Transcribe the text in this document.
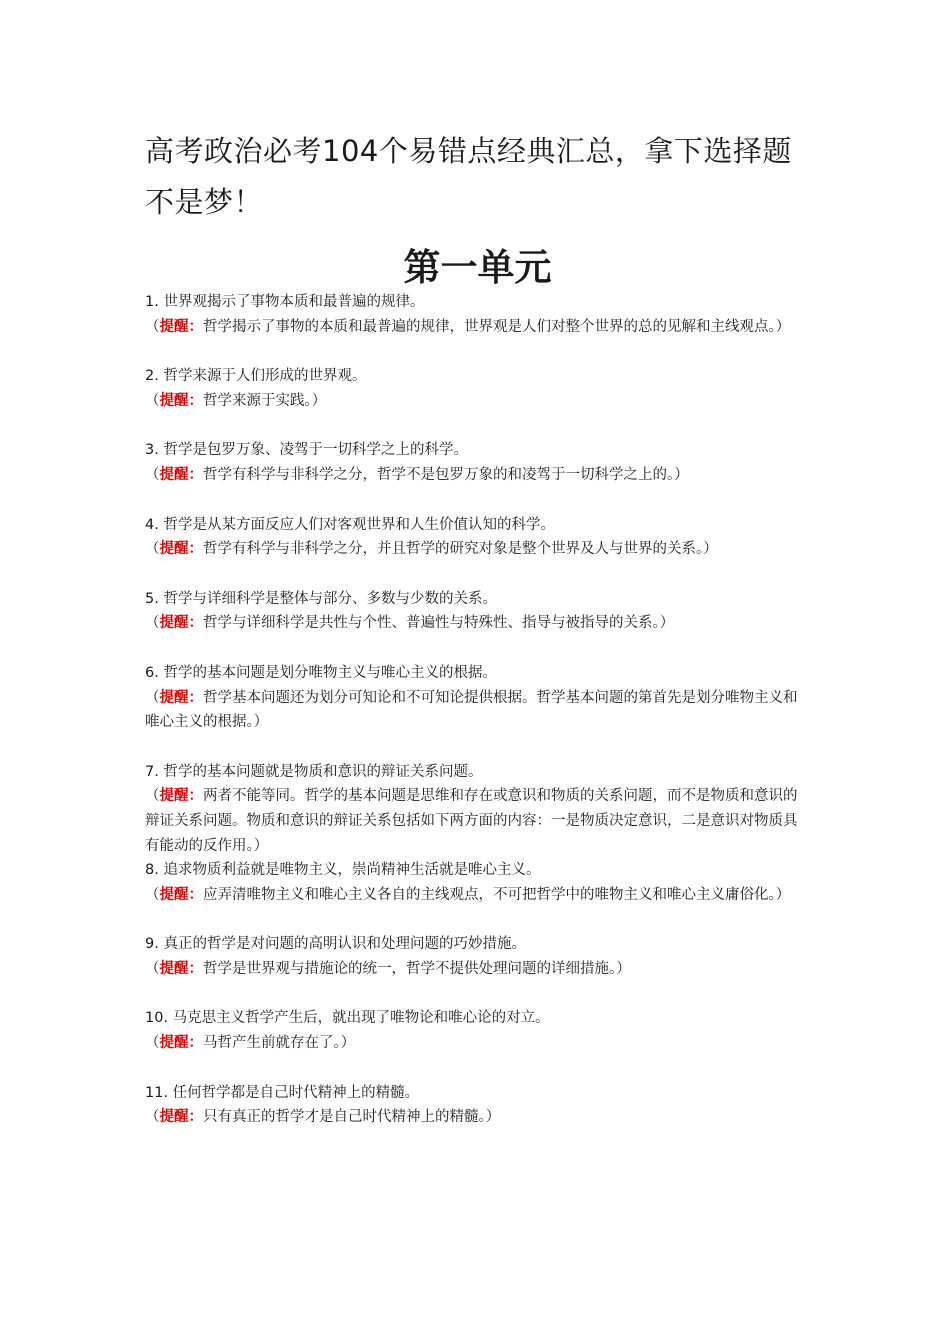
高考政治必考104个易错点经典汇总，拿下选择题不是梦！
第一单元

1. 世界观揭示了事物本质和最普遍的规律。

（提醒：哲学揭示了事物的本质和最普遍的规律，世界观是人们对整个世界的总的见解和主线观点。）

2. 哲学来源于人们形成的世界观。

（提醒：哲学来源于实践。）

3. 哲学是包罗万象、凌驾于一切科学之上的科学。

（提醒：哲学有科学与非科学之分，哲学不是包罗万象的和凌驾于一切科学之上的。）

4. 哲学是从某方面反应人们对客观世界和人生价值认知的科学。

（提醒：哲学有科学与非科学之分，并且哲学的研究对象是整个世界及人与世界的关系。）

5. 哲学与详细科学是整体与部分、多数与少数的关系。

（提醒：哲学与详细科学是共性与个性、普遍性与特殊性、指导与被指导的关系。）

6. 哲学的基本问题是划分唯物主义与唯心主义的根据。

（提醒：哲学基本问题还为划分可知论和不可知论提供根据。哲学基本问题的第首先是划分唯物主义和唯心主义的根据。）

7. 哲学的基本问题就是物质和意识的辩证关系问题。

（提醒：两者不能等同。哲学的基本问题是思维和存在或意识和物质的关系问题，而不是物质和意识的辩证关系问题。物质和意识的辩证关系包括如下两方面的内容：一是物质决定意识，二是意识对物质具有能动的反作用。）

8. 追求物质利益就是唯物主义，崇尚精神生活就是唯心主义。

（提醒：应弄清唯物主义和唯心主义各自的主线观点，不可把哲学中的唯物主义和唯心主义庸俗化。）

9. 真正的哲学是对问题的高明认识和处理问题的巧妙措施。

（提醒：哲学是世界观与措施论的统一，哲学不提供处理问题的详细措施。）

10. 马克思主义哲学产生后，就出现了唯物论和唯心论的对立。

（提醒：马哲产生前就存在了。）

11. 任何哲学都是自己时代精神上的精髓。

（提醒：只有真正的哲学才是自己时代精神上的精髓。）
